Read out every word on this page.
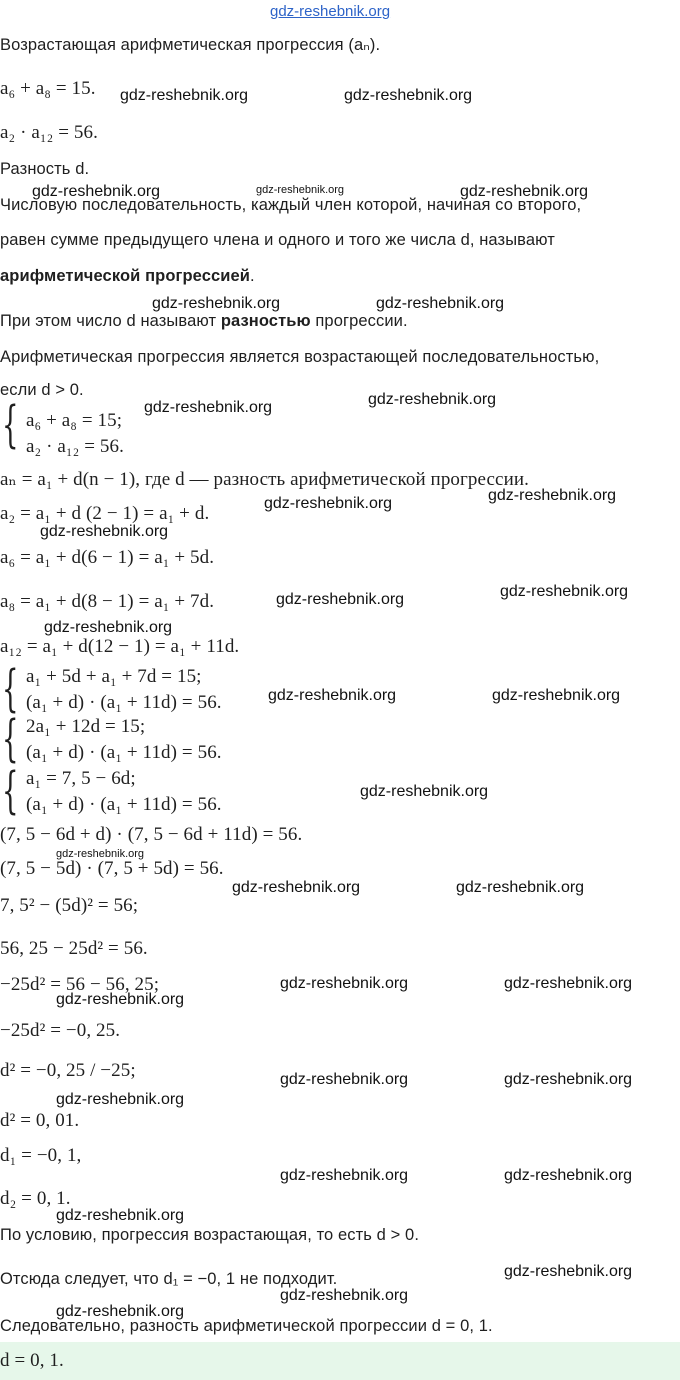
gdz-reshebnik.org
Возрастающая арифметическая прогрессия (aₙ).
a₆ + a₈ = 15.
a₂ · a₁₂ = 56.
Разность d.
Числовую последовательность, каждый член которой, начиная со второго,
равен сумме предыдущего члена и одного и того же числа d, называют
арифметической прогрессией.
При этом число d называют разностью прогрессии.
Арифметическая прогрессия является возрастающей последовательностью,
если d > 0.
{ a₆ + a₈ = 15;
a₂ · a₁₂ = 56.
aₙ = a₁ + d(n − 1), где d — разность арифметической прогрессии.
a₂ = a₁ + d (2 − 1) = a₁ + d.
a₆ = a₁ + d(6 − 1) = a₁ + 5d.
a₈ = a₁ + d(8 − 1) = a₁ + 7d.
a₁₂ = a₁ + d(12 − 1) = a₁ + 11d.
{ a₁ + 5d + a₁ + 7d = 15;
(a₁ + d) · (a₁ + 11d) = 56.
{ 2a₁ + 12d = 15;
(a₁ + d) · (a₁ + 11d) = 56.
{ a₁ = 7, 5 − 6d;
(a₁ + d) · (a₁ + 11d) = 56.
(7, 5 − 6d + d) · (7, 5 − 6d + 11d) = 56.
(7, 5 − 5d) · (7, 5 + 5d) = 56.
7, 5² − (5d)² = 56;
56, 25 − 25d² = 56.
−25d² = 56 − 56, 25;
−25d² = −0, 25.
d² = −0, 25 / −25;
d² = 0, 01.
d₁ = −0, 1,
d₂ = 0, 1.
По условию, прогрессия возрастающая, то есть d > 0.
Отсюда следует, что d₁ = −0, 1 не подходит.
Следовательно, разность арифметической прогрессии d = 0, 1.
d = 0, 1.
gdz-reshebnik.org	gdz-reshebnik.org
gdz-reshebnik.org	gdz-reshebnik.org	gdz-reshebnik.org
gdz-reshebnik.org	gdz-reshebnik.org
gdz-reshebnik.org	gdz-reshebnik.org
gdz-reshebnik.org	gdz-reshebnik.org
gdz-reshebnik.org
gdz-reshebnik.org	gdz-reshebnik.org
gdz-reshebnik.org
gdz-reshebnik.org	gdz-reshebnik.org
gdz-reshebnik.org
gdz-reshebnik.org
gdz-reshebnik.org	gdz-reshebnik.org
gdz-reshebnik.org	gdz-reshebnik.org
gdz-reshebnik.org
gdz-reshebnik.org	gdz-reshebnik.org
gdz-reshebnik.org
gdz-reshebnik.org	gdz-reshebnik.org
gdz-reshebnik.org
gdz-reshebnik.org
gdz-reshebnik.org
gdz-reshebnik.org
